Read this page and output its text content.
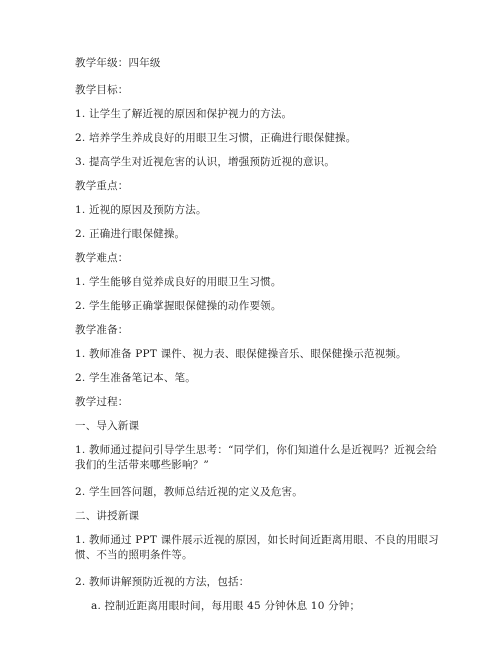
教学年级：四年级
教学目标：
1. 让学生了解近视的原因和保护视力的方法。
2. 培养学生养成良好的用眼卫生习惯，正确进行眼保健操。
3. 提高学生对近视危害的认识，增强预防近视的意识。
教学重点：
1. 近视的原因及预防方法。
2. 正确进行眼保健操。
教学难点：
1. 学生能够自觉养成良好的用眼卫生习惯。
2. 学生能够正确掌握眼保健操的动作要领。
教学准备：
1. 教师准备 PPT 课件、视力表、眼保健操音乐、眼保健操示范视频。
2. 学生准备笔记本、笔。
教学过程：
一、导入新课
1. 教师通过提问引导学生思考：“同学们，你们知道什么是近视吗？近视会给我们的生活带来哪些影响？”
2. 学生回答问题，教师总结近视的定义及危害。
二、讲授新课
1. 教师通过 PPT 课件展示近视的原因，如长时间近距离用眼、不良的用眼习惯、不当的照明条件等。
2. 教师讲解预防近视的方法，包括：
a. 控制近距离用眼时间，每用眼 45 分钟休息 10 分钟；
